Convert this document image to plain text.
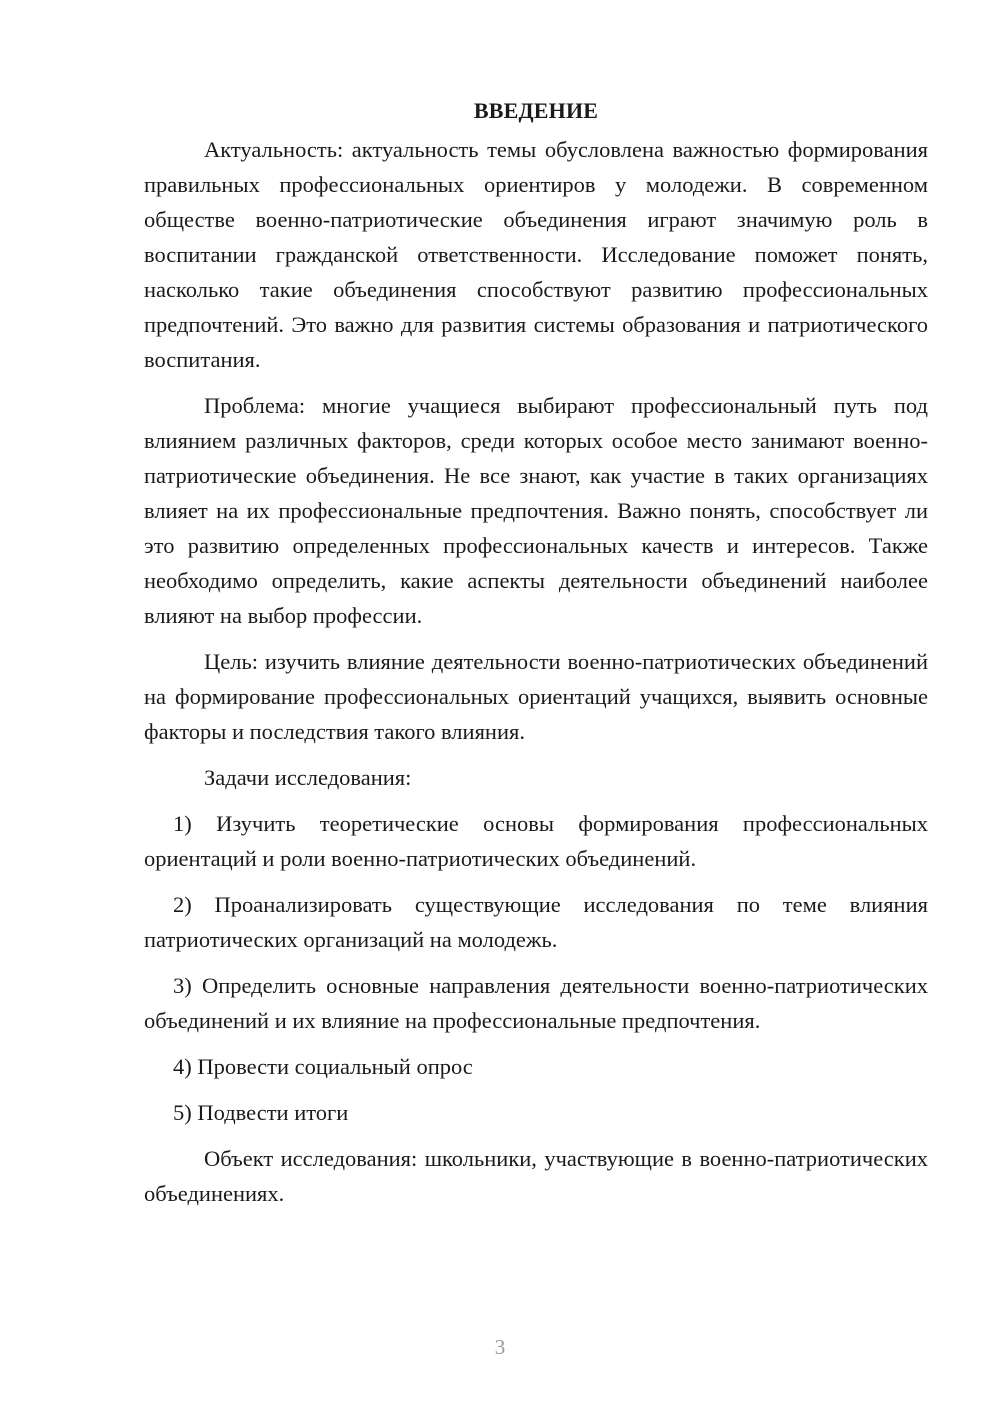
ВВЕДЕНИЕ

Актуальность: актуальность темы обусловлена важностью формирования правильных профессиональных ориентиров у молодежи. В современном обществе военно-патриотические объединения играют значимую роль в воспитании гражданской ответственности. Исследование поможет понять, насколько такие объединения способствуют развитию профессиональных предпочтений. Это важно для развития системы образования и патриотического воспитания.

Проблема: многие учащиеся выбирают профессиональный путь под влиянием различных факторов, среди которых особое место занимают военно-патриотические объединения. Не все знают, как участие в таких организациях влияет на их профессиональные предпочтения. Важно понять, способствует ли это развитию определенных профессиональных качеств и интересов. Также необходимо определить, какие аспекты деятельности объединений наиболее влияют на выбор профессии.

Цель: изучить влияние деятельности военно-патриотических объединений на формирование профессиональных ориентаций учащихся, выявить основные факторы и последствия такого влияния.

Задачи исследования:

1) Изучить теоретические основы формирования профессиональных ориентаций и роли военно-патриотических объединений.

2) Проанализировать существующие исследования по теме влияния патриотических организаций на молодежь.

3) Определить основные направления деятельности военно-патриотических объединений и их влияние на профессиональные предпочтения.

4) Провести социальный опрос

5) Подвести итоги

Объект исследования: школьники, участвующие в военно-патриотических объединениях.

3
